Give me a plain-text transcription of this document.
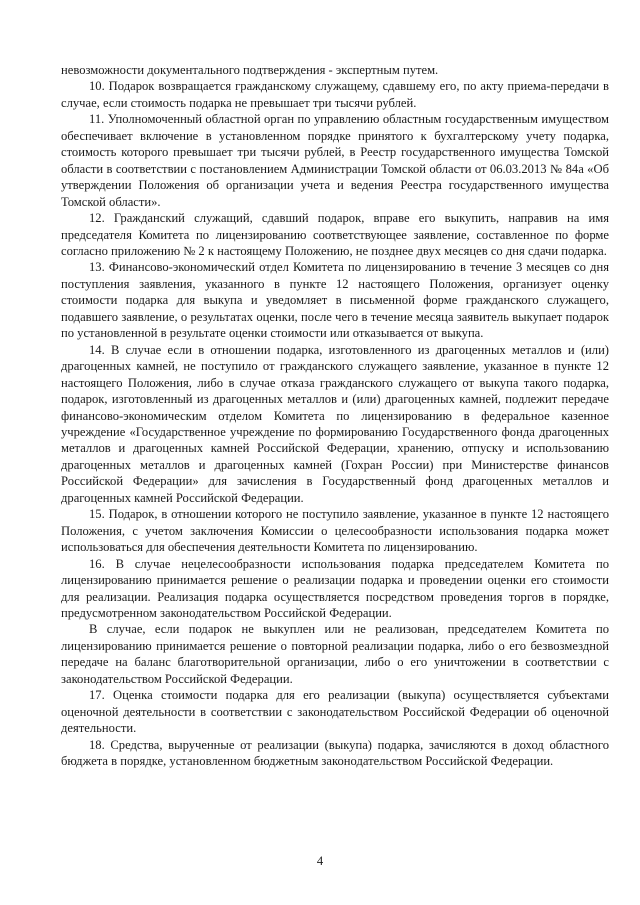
невозможности документального подтверждения - экспертным путем.

10. Подарок возвращается гражданскому служащему, сдавшему его, по акту приема-передачи в случае, если стоимость подарка не превышает три тысячи рублей.

11. Уполномоченный областной орган по управлению областным государственным имуществом обеспечивает включение в установленном порядке принятого к бухгалтерскому учету подарка, стоимость которого превышает три тысячи рублей, в Реестр государственного имущества Томской области в соответствии с постановлением Администрации Томской области от 06.03.2013 № 84а «Об утверждении Положения об организации учета и ведения Реестра государственного имущества Томской области».

12. Гражданский служащий, сдавший подарок, вправе его выкупить, направив на имя председателя Комитета по лицензированию соответствующее заявление, составленное по форме согласно приложению № 2 к настоящему Положению, не позднее двух месяцев со дня сдачи подарка.

13. Финансово-экономический отдел Комитета по лицензированию в течение 3 месяцев со дня поступления заявления, указанного в пункте 12 настоящего Положения, организует оценку стоимости подарка для выкупа и уведомляет в письменной форме гражданского служащего, подавшего заявление, о результатах оценки, после чего в течение месяца заявитель выкупает подарок по установленной в результате оценки стоимости или отказывается от выкупа.

14. В случае если в отношении подарка, изготовленного из драгоценных металлов и (или) драгоценных камней, не поступило от гражданского служащего заявление, указанное в пункте 12 настоящего Положения, либо в случае отказа гражданского служащего от выкупа такого подарка, подарок, изготовленный из драгоценных металлов и (или) драгоценных камней, подлежит передаче финансово-экономическим отделом Комитета по лицензированию в федеральное казенное учреждение «Государственное учреждение по формированию Государственного фонда драгоценных металлов и драгоценных камней Российской Федерации, хранению, отпуску и использованию драгоценных металлов и драгоценных камней (Гохран России) при Министерстве финансов Российской Федерации» для зачисления в Государственный фонд драгоценных металлов и драгоценных камней Российской Федерации.

15. Подарок, в отношении которого не поступило заявление, указанное в пункте 12 настоящего Положения, с учетом заключения Комиссии о целесообразности использования подарка может использоваться для обеспечения деятельности Комитета по лицензированию.

16. В случае нецелесообразности использования подарка председателем Комитета по лицензированию принимается решение о реализации подарка и проведении оценки его стоимости для реализации. Реализация подарка осуществляется посредством проведения торгов в порядке, предусмотренном законодательством Российской Федерации.

В случае, если подарок не выкуплен или не реализован, председателем Комитета по лицензированию принимается решение о повторной реализации подарка, либо о его безвозмездной передаче на баланс благотворительной организации, либо о его уничтожении в соответствии с законодательством Российской Федерации.

17. Оценка стоимости подарка для его реализации (выкупа) осуществляется субъектами оценочной деятельности в соответствии с законодательством Российской Федерации об оценочной деятельности.

18. Средства, вырученные от реализации (выкупа) подарка, зачисляются в доход областного бюджета в порядке, установленном бюджетным законодательством Российской Федерации.

4
